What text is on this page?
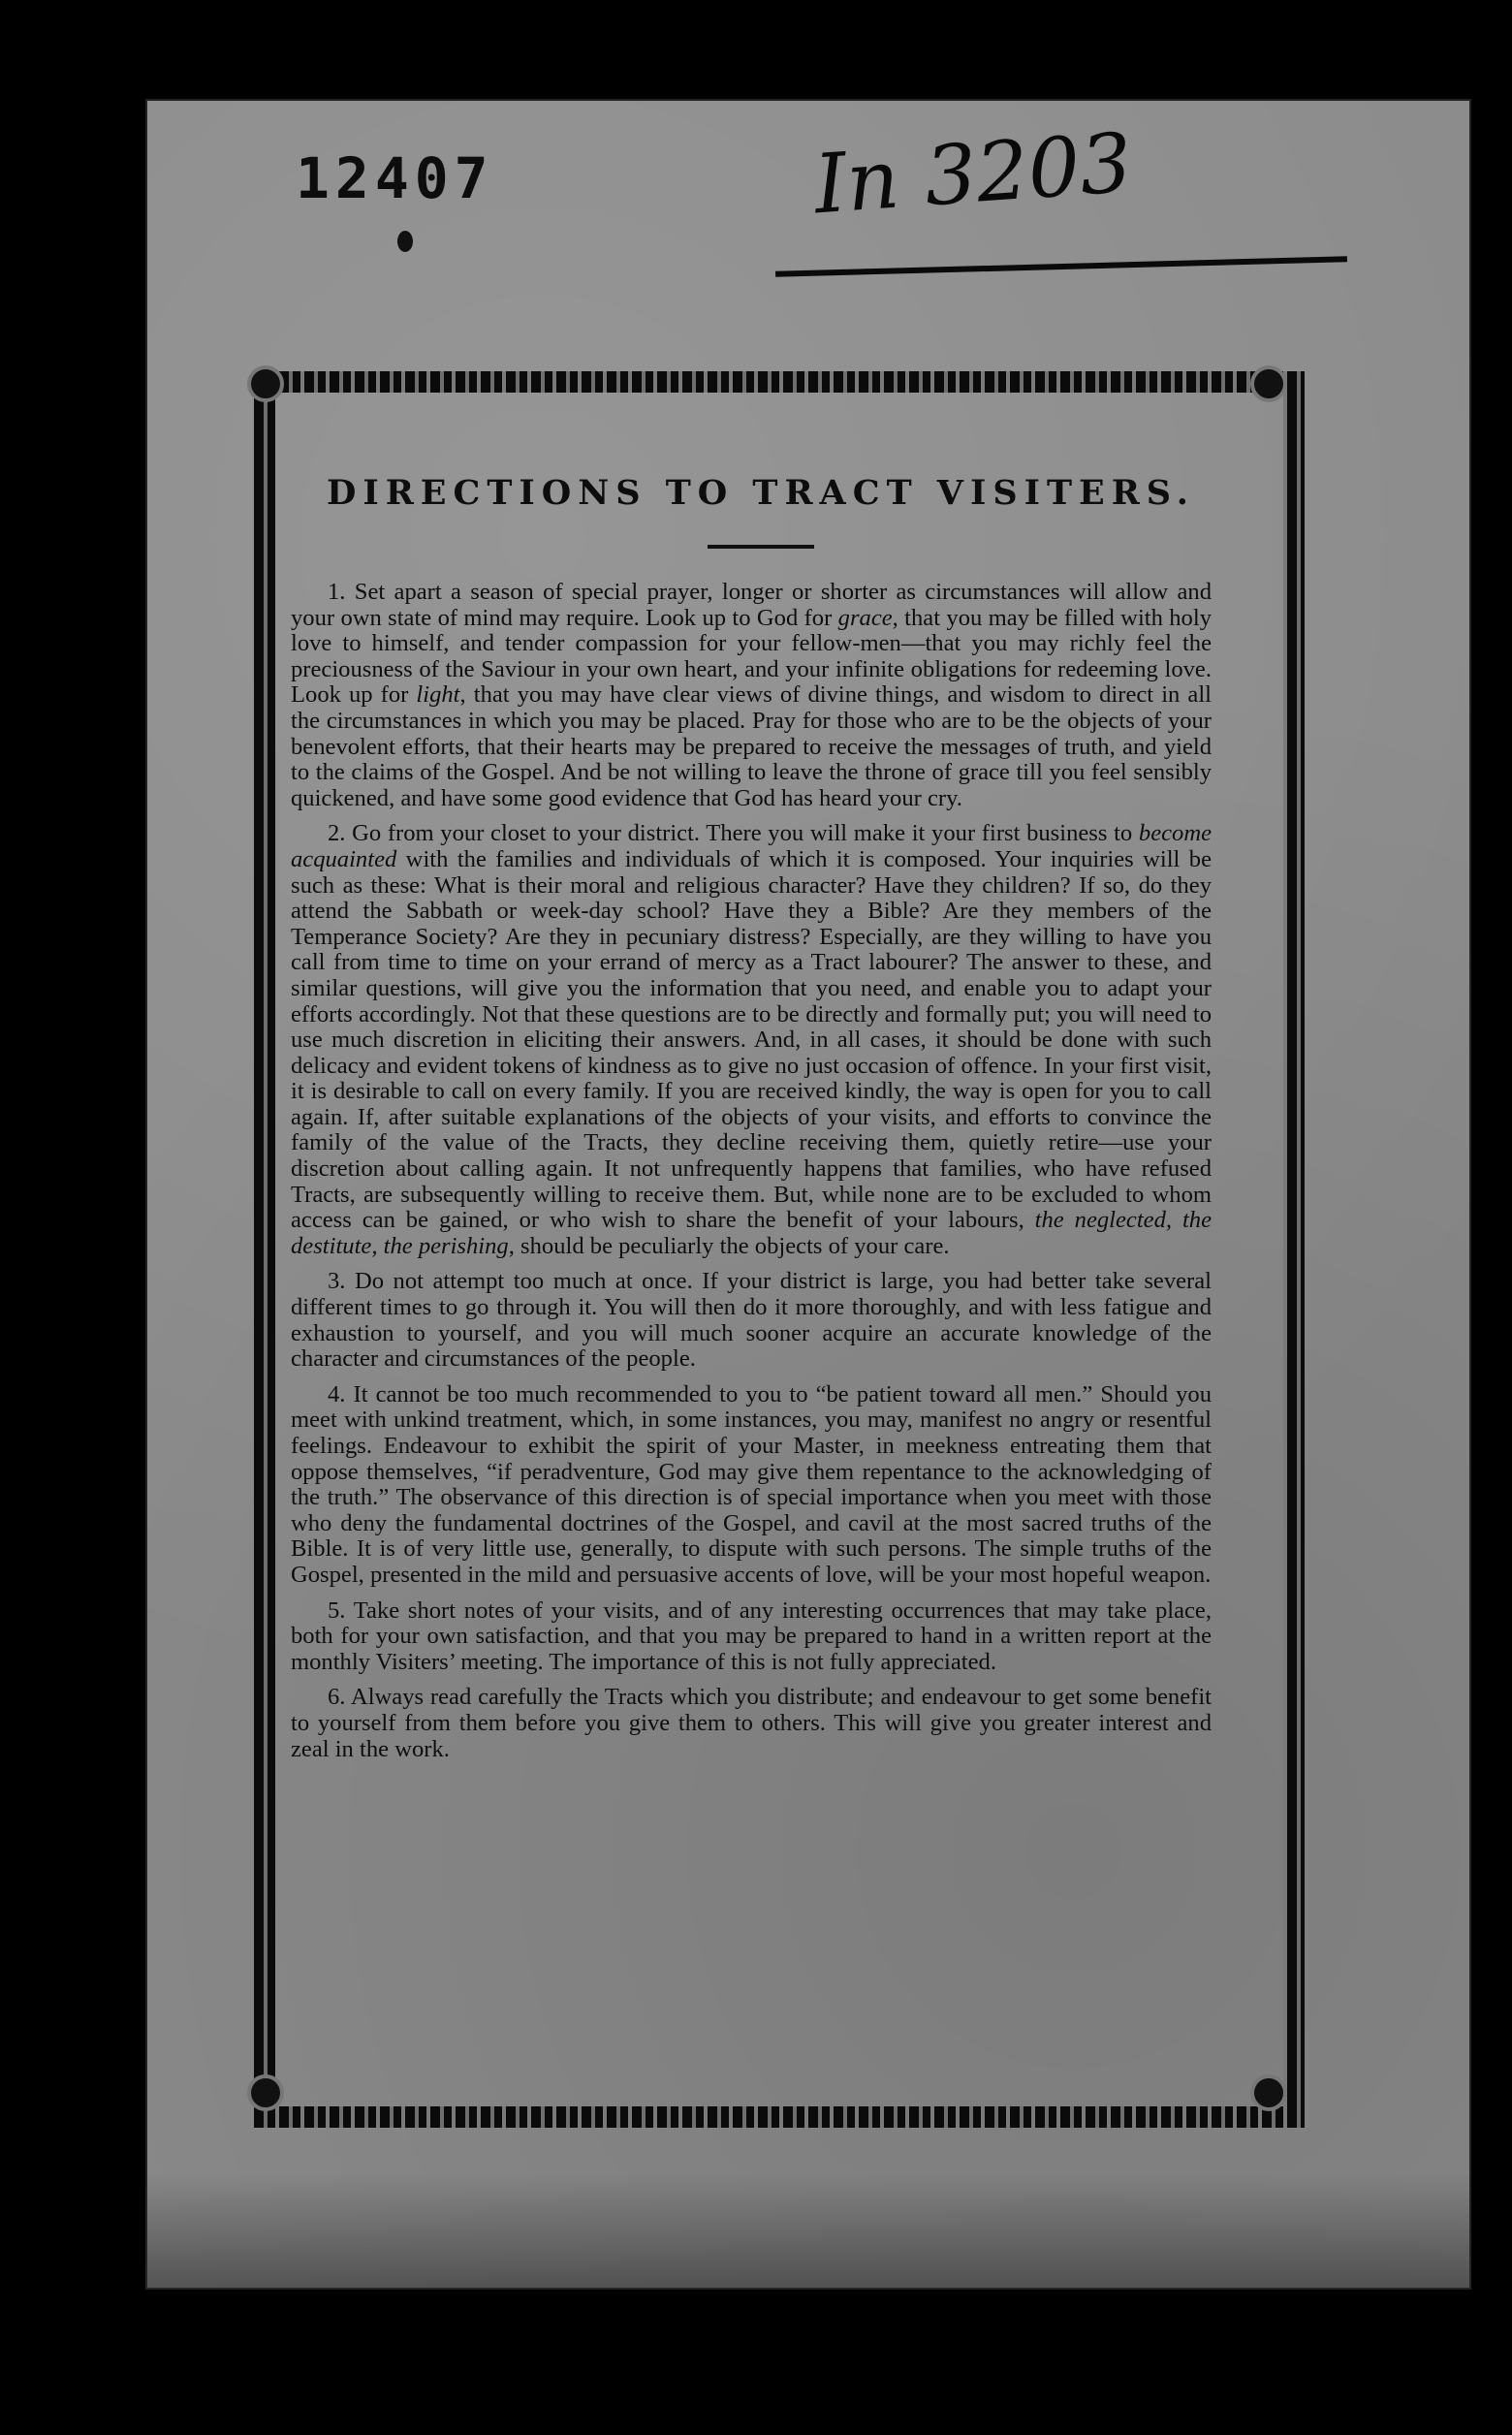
12407	In 3203
DIRECTIONS TO TRACT VISITERS.

1. Set apart a season of special prayer, longer or shorter as circumstances will allow and your own state of mind may require. Look up to God for grace, that you may be filled with holy love to himself, and tender compassion for your fellow-men—that you may richly feel the preciousness of the Saviour in your own heart, and your infinite obligations for redeeming love. Look up for light, that you may have clear views of divine things, and wisdom to direct in all the circumstances in which you may be placed. Pray for those who are to be the objects of your benevolent efforts, that their hearts may be prepared to receive the messages of truth, and yield to the claims of the Gospel. And be not willing to leave the throne of grace till you feel sensibly quickened, and have some good evidence that God has heard your cry.

2. Go from your closet to your district. There you will make it your first business to become acquainted with the families and individuals of which it is composed. Your inquiries will be such as these: What is their moral and religious character? Have they children? If so, do they attend the Sabbath or week-day school? Have they a Bible? Are they members of the Temperance Society? Are they in pecuniary distress? Especially, are they willing to have you call from time to time on your errand of mercy as a Tract labourer? The answer to these, and similar questions, will give you the information that you need, and enable you to adapt your efforts accordingly. Not that these questions are to be directly and formally put; you will need to use much discretion in eliciting their answers. And, in all cases, it should be done with such delicacy and evident tokens of kindness as to give no just occasion of offence. In your first visit, it is desirable to call on every family. If you are received kindly, the way is open for you to call again. If, after suitable explanations of the objects of your visits, and efforts to convince the family of the value of the Tracts, they decline receiving them, quietly retire—use your discretion about calling again. It not unfrequently happens that families, who have refused Tracts, are subsequently willing to receive them. But, while none are to be excluded to whom access can be gained, or who wish to share the benefit of your labours, the neglected, the destitute, the perishing, should be peculiarly the objects of your care.

3. Do not attempt too much at once. If your district is large, you had better take several different times to go through it. You will then do it more thoroughly, and with less fatigue and exhaustion to yourself, and you will much sooner acquire an accurate knowledge of the character and circumstances of the people.

4. It cannot be too much recommended to you to “be patient toward all men.” Should you meet with unkind treatment, which, in some instances, you may, manifest no angry or resentful feelings. Endeavour to exhibit the spirit of your Master, in meekness entreating them that oppose themselves, “if peradventure, God may give them repentance to the acknowledging of the truth.” The observance of this direction is of special importance when you meet with those who deny the fundamental doctrines of the Gospel, and cavil at the most sacred truths of the Bible. It is of very little use, generally, to dispute with such persons. The simple truths of the Gospel, presented in the mild and persuasive accents of love, will be your most hopeful weapon.

5. Take short notes of your visits, and of any interesting occurrences that may take place, both for your own satisfaction, and that you may be prepared to hand in a written report at the monthly Visiters’ meeting. The importance of this is not fully appreciated.

6. Always read carefully the Tracts which you distribute; and endeavour to get some benefit to yourself from them before you give them to others. This will give you greater interest and zeal in the work.
